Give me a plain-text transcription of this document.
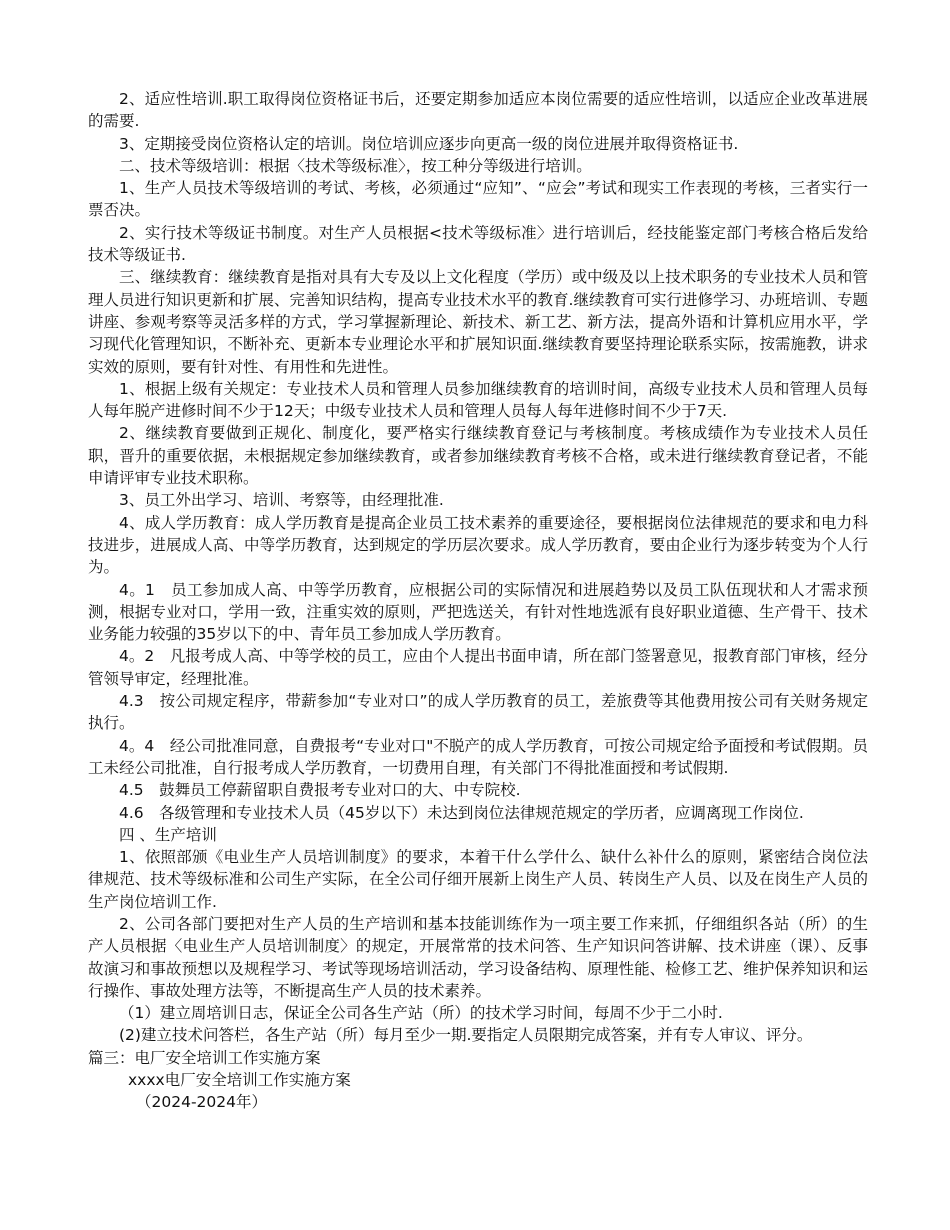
2、适应性培训.职工取得岗位资格证书后，还要定期参加适应本岗位需要的适应性培训，以适应企业改革进展的需要.

3、定期接受岗位资格认定的培训。岗位培训应逐步向更高一级的岗位进展并取得资格证书.

二、技术等级培训：根据〈技术等级标准〉，按工种分等级进行培训。

1、生产人员技术等级培训的考试、考核，必须通过“应知”、“应会”考试和现实工作表现的考核，三者实行一票否决。

2、实行技术等级证书制度。对生产人员根据<技术等级标准〉进行培训后，经技能鉴定部门考核合格后发给技术等级证书.

三、继续教育：继续教育是指对具有大专及以上文化程度（学历）或中级及以上技术职务的专业技术人员和管理人员进行知识更新和扩展、完善知识结构，提高专业技术水平的教育.继续教育可实行进修学习、办班培训、专题讲座、参观考察等灵活多样的方式，学习掌握新理论、新技术、新工艺、新方法，提高外语和计算机应用水平，学习现代化管理知识，不断补充、更新本专业理论水平和扩展知识面.继续教育要坚持理论联系实际，按需施教，讲求实效的原则，要有针对性、有用性和先进性。

1、根据上级有关规定：专业技术人员和管理人员参加继续教育的培训时间，高级专业技术人员和管理人员每人每年脱产进修时间不少于12天；中级专业技术人员和管理人员每人每年进修时间不少于7天.

2、继续教育要做到正规化、制度化，要严格实行继续教育登记与考核制度。考核成绩作为专业技术人员任职，晋升的重要依据，未根据规定参加继续教育，或者参加继续教育考核不合格，或未进行继续教育登记者，不能申请评审专业技术职称。

3、员工外出学习、培训、考察等，由经理批准.

4、成人学历教育：成人学历教育是提高企业员工技术素养的重要途径，要根据岗位法律规范的要求和电力科技进步，进展成人高、中等学历教育，达到规定的学历层次要求。成人学历教育，要由企业行为逐步转变为个人行为。

4。1　员工参加成人高、中等学历教育，应根据公司的实际情况和进展趋势以及员工队伍现状和人才需求预测，根据专业对口，学用一致，注重实效的原则，严把选送关，有针对性地选派有良好职业道德、生产骨干、技术业务能力较强的35岁以下的中、青年员工参加成人学历教育。

4。2　凡报考成人高、中等学校的员工，应由个人提出书面申请，所在部门签署意见，报教育部门审核，经分管领导审定，经理批准。

4.3　按公司规定程序，带薪参加“专业对口”的成人学历教育的员工，差旅费等其他费用按公司有关财务规定执行。

4。4　经公司批准同意，自费报考“专业对口"不脱产的成人学历教育，可按公司规定给予面授和考试假期。员工未经公司批准，自行报考成人学历教育，一切费用自理，有关部门不得批准面授和考试假期.

4.5　鼓舞员工停薪留职自费报考专业对口的大、中专院校.

4.6　各级管理和专业技术人员（45岁以下）未达到岗位法律规范规定的学历者，应调离现工作岗位.

四 、生产培训

1、依照部颁《电业生产人员培训制度》的要求，本着干什么学什么、缺什么补什么的原则，紧密结合岗位法律规范、技术等级标准和公司生产实际，在全公司仔细开展新上岗生产人员、转岗生产人员、以及在岗生产人员的生产岗位培训工作.

2、公司各部门要把对生产人员的生产培训和基本技能训练作为一项主要工作来抓，仔细组织各站（所）的生产人员根据〈电业生产人员培训制度〉的规定，开展常常的技术问答、生产知识问答讲解、技术讲座（课）、反事故演习和事故预想以及规程学习、考试等现场培训活动，学习设备结构、原理性能、检修工艺、维护保养知识和运行操作、事故处理方法等，不断提高生产人员的技术素养。

（1）建立周培训日志，保证全公司各生产站（所）的技术学习时间，每周不少于二小时.

(2)建立技术问答栏，各生产站（所）每月至少一期.要指定人员限期完成答案，并有专人审议、评分。

篇三：电厂安全培训工作实施方案

xxxx电厂安全培训工作实施方案

（2024-2024年）
